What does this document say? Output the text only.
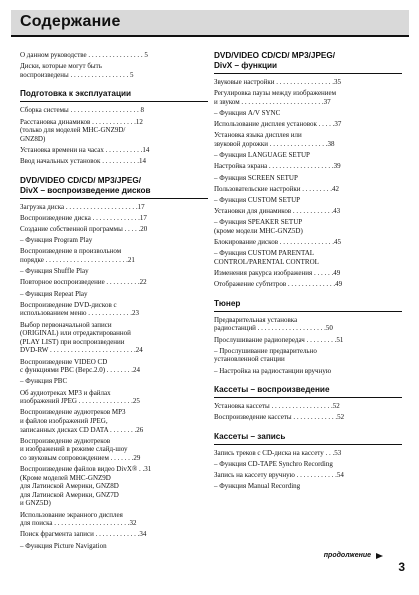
Содержание
О данном руководстве . . . . . . . . . . . . . . . . 5
Диски, которые могут быть
воспроизведены . . . . . . . . . . . . . . . . . 5
Подготовка к эксплуатации
Сборка системы . . . . . . . . . . . . . . . . . . . . 8
Расстановка динамиков . . . . . . . . . . . . .12
(только для моделей MHC-GNZ9D/
GNZ8D)
Установка времени на часах . . . . . . . . . . .14
Ввод начальных установок . . . . . . . . . . .14
DVD/VIDEO CD/CD/ MP3/JPEG/
DivX – воспроизведение дисков
Загрузка диска . . . . . . . . . . . . . . . . . . . . .17
Воспроизведение диска . . . . . . . . . . . . . .17
Создание собственной программы . . . . .20
– Функция Program Play
Воспроизведение в произвольном
порядке . . . . . . . . . . . . . . . . . . . . . . . .21
– Функция Shuffle Play
Повторное воспроизведение . . . . . . . . . .22
– Функция Repeat Play
Воспроизведение DVD-дисков с
использованием меню . . . . . . . . . . . . .23
Выбор первоначальной записи
(ORIGINAL) или отредактированной
(PLAY LIST) при воспроизведении
DVD-RW . . . . . . . . . . . . . . . . . . . . . . . . .24
Воспроизведение VIDEO CD
с функциями PBC (Верс.2.0) . . . . . . . .24
– Функция PBC
Об аудиотреках MP3 и файлах
изображений JPEG . . . . . . . . . . . . . . . .25
Воспроизведение аудиотреков MP3
и файлов изображений JPEG,
записанных дисках CD DATA . . . . . . . .26
Воспроизведение аудиотреков
и изображений в режиме слайд-шоу
со звуковым сопровождением . . . . . . .29
Воспроизведение файлов видео DivX® . .31
(Кроме моделей MHC-GNZ9D
для Латинской Америки, GNZ8D
для Латинской Америки, GNZ7D
и GNZ5D)
Использование экранного дисплея
для поиска . . . . . . . . . . . . . . . . . . . . . .32
Поиск фрагмента записи . . . . . . . . . . . . .34
– Функция Picture Navigation
DVD/VIDEO CD/CD/ MP3/JPEG/
DivX – функции
Звуковые настройки . . . . . . . . . . . . . . . . .35
Регулировка паузы между изображением
и звуком . . . . . . . . . . . . . . . . . . . . . . . .37
– Функция A/V SYNC
Использование дисплея установок . . . . .37
Установка языка дисплея или
звуковой дорожки . . . . . . . . . . . . . . . . .38
– Функция LANGUAGE SETUP
Настройка экрана . . . . . . . . . . . . . . . . . . .39
– Функция SCREEN SETUP
Пользовательские настройки . . . . . . . . .42
– Функция CUSTOM SETUP
Установки для динамиков . . . . . . . . . . . .43
– Функция SPEAKER SETUP
(кроме модели MHC-GNZ5D)
Блокирование дисков . . . . . . . . . . . . . . . .45
– Функция CUSTOM PARENTAL
CONTROL/PARENTAL CONTROL
Изменения ракурса изображения . . . . . .49
Отображение субтитров . . . . . . . . . . . . . .49
Тюнер
Предварительная установка
радиостанций . . . . . . . . . . . . . . . . . . . .50
Прослушивание радиопередач . . . . . . . . .51
– Прослушивание предварительно
установленной станции
– Настройка на радиостанции вручную
Кассеты – воспроизведение
Установка кассеты . . . . . . . . . . . . . . . . . .52
Воспроизведение кассеты . . . . . . . . . . . . .52
Кассеты – запись
Запись треков с CD-диска на кассету . . .53
– Функция CD-TAPE Synchro Recording
Запись на кассету вручную . . . . . . . . . . . .54
– Функция Manual Recording
продолжение
3
